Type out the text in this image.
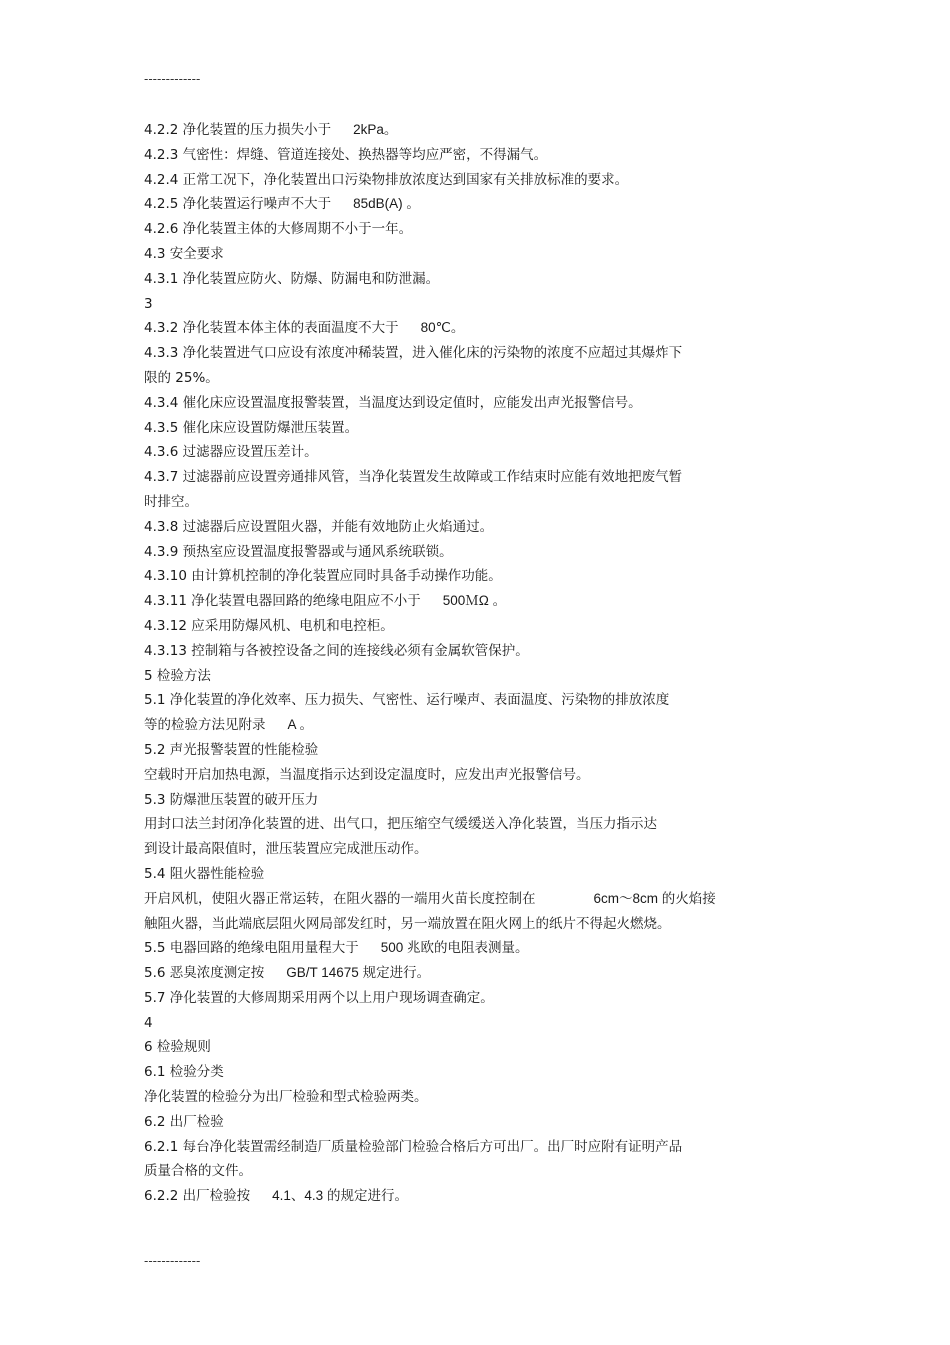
-------------
4.2.2 净化装置的压力损失小于 2kPa。
4.2.3 气密性：焊缝、管道连接处、换热器等均应严密，不得漏气。
4.2.4 正常工况下，净化装置出口污染物排放浓度达到国家有关排放标准的要求。
4.2.5 净化装置运行噪声不大于 85dB(A) 。
4.2.6 净化装置主体的大修周期不小于一年。
4.3 安全要求
4.3.1 净化装置应防火、防爆、防漏电和防泄漏。
3
4.3.2 净化装置本体主体的表面温度不大于 80℃。
4.3.3 净化装置进气口应设有浓度冲稀装置，进入催化床的污染物的浓度不应超过其爆炸下
限的 25%。
4.3.4 催化床应设置温度报警装置，当温度达到设定值时，应能发出声光报警信号。
4.3.5 催化床应设置防爆泄压装置。
4.3.6 过滤器应设置压差计。
4.3.7 过滤器前应设置旁通排风管，当净化装置发生故障或工作结束时应能有效地把废气暂
时排空。
4.3.8 过滤器后应设置阻火器，并能有效地防止火焰通过。
4.3.9 预热室应设置温度报警器或与通风系统联锁。
4.3.10 由计算机控制的净化装置应同时具备手动操作功能。
4.3.11 净化装置电器回路的绝缘电阻应不小于 500ＭΩ 。
4.3.12 应采用防爆风机、电机和电控柜。
4.3.13 控制箱与各被控设备之间的连接线必须有金属软管保护。
5 检验方法
5.1 净化装置的净化效率、压力损失、气密性、运行噪声、表面温度、污染物的排放浓度
等的检验方法见附录 A 。
5.2 声光报警装置的性能检验
空载时开启加热电源，当温度指示达到设定温度时，应发出声光报警信号。
5.3 防爆泄压装置的破开压力
用封口法兰封闭净化装置的进、出气口，把压缩空气缓缓送入净化装置，当压力指示达
到设计最高限值时，泄压装置应完成泄压动作。
5.4 阻火器性能检验
开启风机，使阻火器正常运转，在阻火器的一端用火苗长度控制在	6cm～8cm 的火焰接
触阻火器，当此端底层阻火网局部发红时，另一端放置在阻火网上的纸片不得起火燃烧。
5.5 电器回路的绝缘电阻用量程大于 500 兆欧的电阻表测量。
5.6 恶臭浓度测定按 GB/T 14675 规定进行。
5.7 净化装置的大修周期采用两个以上用户现场调查确定。
4
6 检验规则
6.1 检验分类
净化装置的检验分为出厂检验和型式检验两类。
6.2 出厂检验
6.2.1 每台净化装置需经制造厂质量检验部门检验合格后方可出厂。出厂时应附有证明产品
质量合格的文件。
6.2.2 出厂检验按 4.1、4.3 的规定进行。
-------------
